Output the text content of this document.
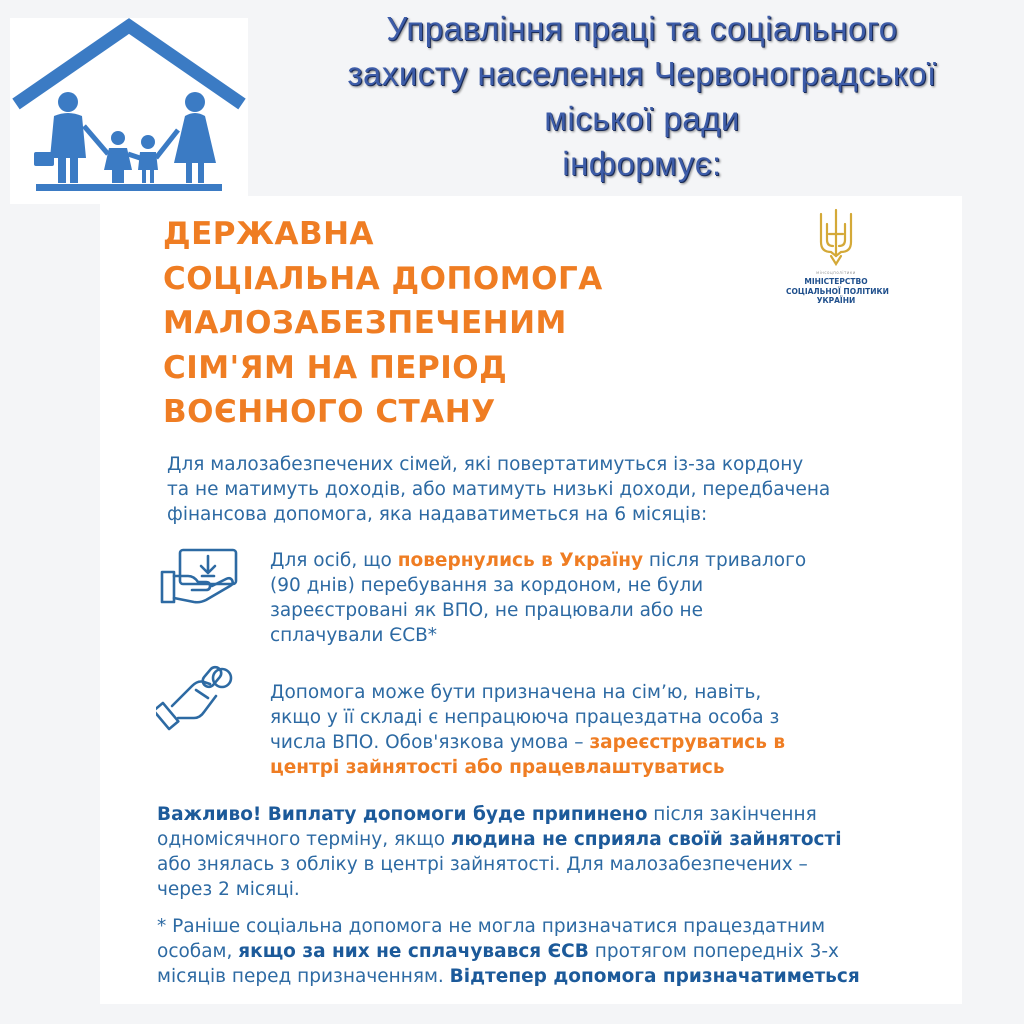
Управління праці та соціального
захисту населення Червоноградської
міської ради
інформує:
ДЕРЖАВНА
СОЦІАЛЬНА ДОПОМОГА
МАЛОЗАБЕЗПЕЧЕНИМ
СІМ'ЯМ НА ПЕРІОД
ВОЄННОГО СТАНУ
мінсоцполітики
МІНІСТЕРСТВО
СОЦІАЛЬНОЇ ПОЛІТИКИ
УКРАЇНИ
Для малозабезпечених сімей, які повертатимуться із-за кордону
та не матимуть доходів, або матимуть низькі доходи, передбачена
фінансова допомога, яка надаватиметься на 6 місяців:
Для осіб, що повернулись в Україну після тривалого
(90 днів) перебування за кордоном, не були
зареєстровані як ВПО, не працювали або не
сплачували ЄСВ*
Допомога може бути призначена на сім’ю, навіть,
якщо у її складі є непрацююча працездатна особа з
числа ВПО. Обов'язкова умова – зареєструватись в
центрі зайнятості або працевлаштуватись
Важливо! Виплату допомоги буде припинено після закінчення
одномісячного терміну, якщо людина не сприяла своїй зайнятості
або знялась з обліку в центрі зайнятості. Для малозабезпечених –
через 2 місяці.
* Раніше соціальна допомога не могла призначатися працездатним
особам, якщо за них не сплачувався ЄСВ протягом попередніх 3-х
місяців перед призначенням. Відтепер допомога призначатиметься
